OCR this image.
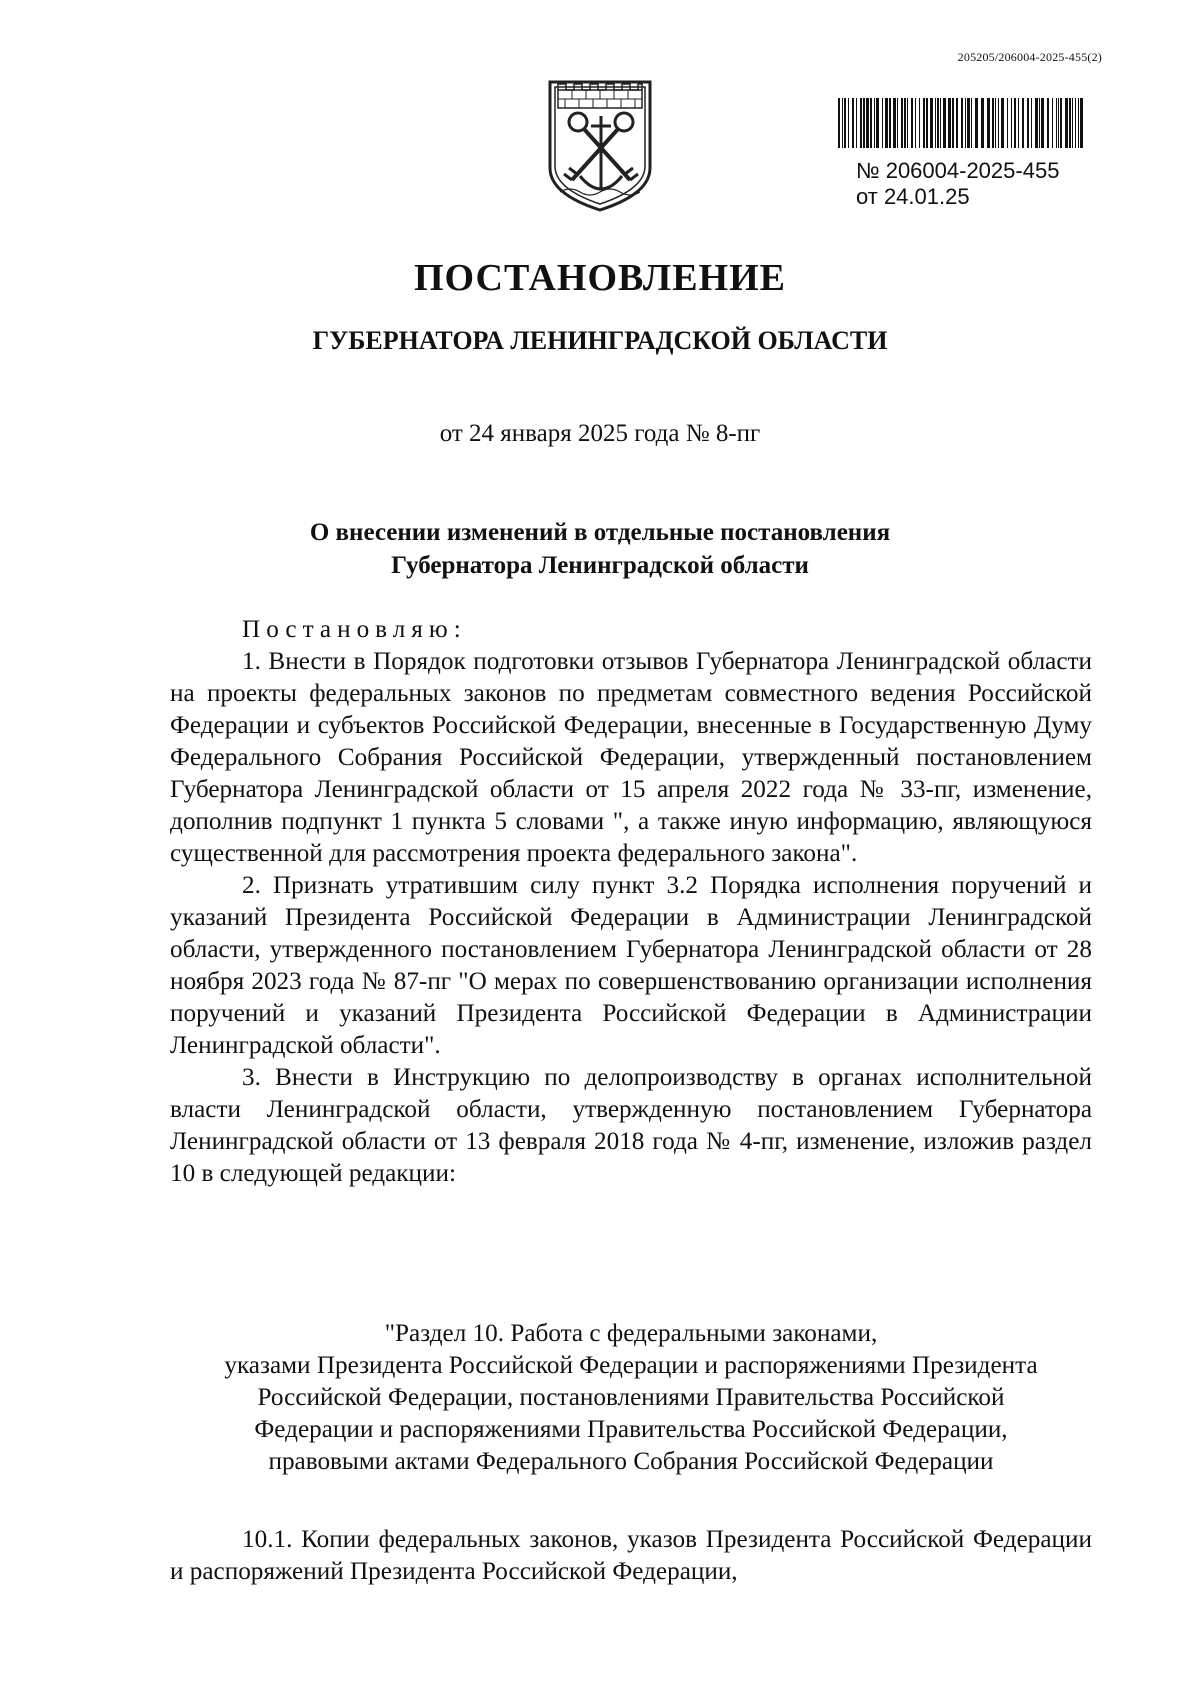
205205/206004-2025-455(2)
№ 206004-2025-455
от 24.01.25
ПОСТАНОВЛЕНИЕ
ГУБЕРНАТОРА ЛЕНИНГРАДСКОЙ ОБЛАСТИ
от 24 января 2025 года № 8-пг
О внесении изменений в отдельные постановления
Губернатора Ленинградской области

Постановляю:

1. Внести в Порядок подготовки отзывов Губернатора Ленинградской области на проекты федеральных законов по предметам совместного ведения Российской Федерации и субъектов Российской Федерации, внесенные в Государственную Думу Федерального Собрания Российской Федерации, утвержденный постановлением Губернатора Ленинградской области от 15 апреля 2022 года № 33-пг, изменение, дополнив подпункт 1 пункта 5 словами ", а также иную информацию, являющуюся существенной для рассмотрения проекта федерального закона".

2. Признать утратившим силу пункт 3.2 Порядка исполнения поручений и указаний Президента Российской Федерации в Администрации Ленинградской области, утвержденного постановлением Губернатора Ленинградской области от 28 ноября 2023 года № 87-пг "О мерах по совершенствованию организации исполнения поручений и указаний Президента Российской Федерации в Администрации Ленинградской области".

3. Внести в Инструкцию по делопроизводству в органах исполнительной власти Ленинградской области, утвержденную постановлением Губернатора Ленинградской области от 13 февраля 2018 года № 4-пг, изменение, изложив раздел 10 в следующей редакции:

"Раздел 10. Работа с федеральными законами,
указами Президента Российской Федерации и распоряжениями Президента
Российской Федерации, постановлениями Правительства Российской
Федерации и распоряжениями Правительства Российской Федерации,
правовыми актами Федерального Собрания Российской Федерации

10.1. Копии федеральных законов, указов Президента Российской Федерации и распоряжений Президента Российской Федерации,
